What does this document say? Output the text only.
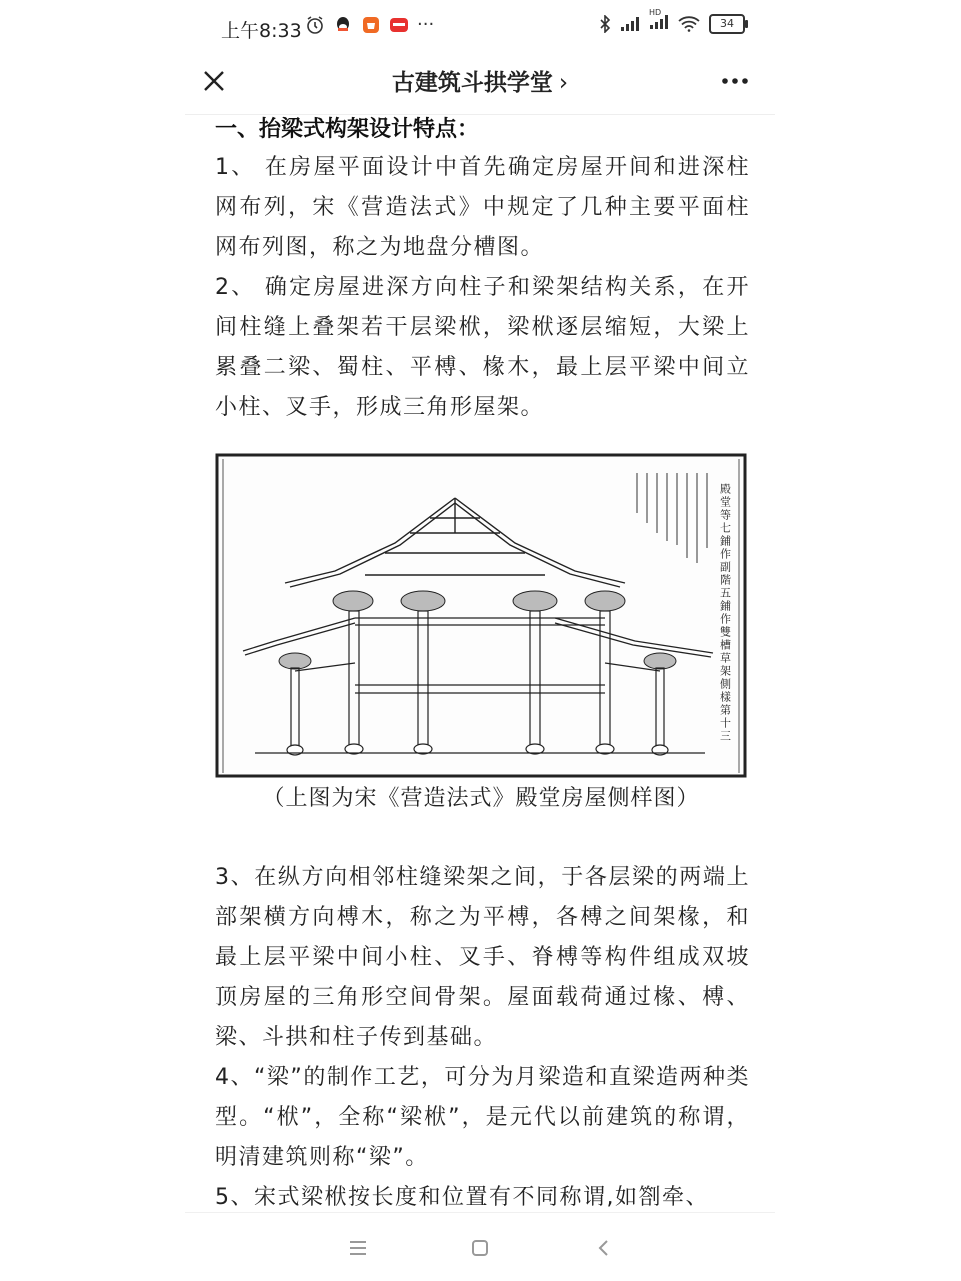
上午8:33	···
HD
34
古建筑斗拱学堂 ›

一、抬梁式构架设计特点：

1、 在房屋平面设计中首先确定房屋开间和进深柱网布列，宋《营造法式》中规定了几种主要平面柱网布列图，称之为地盘分槽图。

2、 确定房屋进深方向柱子和梁架结构关系，在开间柱缝上叠架若干层梁栿，梁栿逐层缩短，大梁上累叠二梁、蜀柱、平榑、椽木，最上层平梁中间立小柱、叉手，形成三角形屋架。

殿堂等七鋪作副階五鋪作雙槽草架側樣第十三
（上图为宋《营造法式》殿堂房屋侧样图）

3、在纵方向相邻柱缝梁架之间，于各层梁的两端上部架横方向榑木，称之为平榑，各榑之间架椽，和最上层平梁中间小柱、叉手、脊榑等构件组成双坡顶房屋的三角形空间骨架。屋面载荷通过椽、榑、梁、斗拱和柱子传到基础。

4、“梁”的制作工艺，可分为月梁造和直梁造两种类型。“栿”，全称“梁栿”，是元代以前建筑的称谓，明清建筑则称“梁”。

5、宋式梁栿按长度和位置有不同称谓,如劄牵、
